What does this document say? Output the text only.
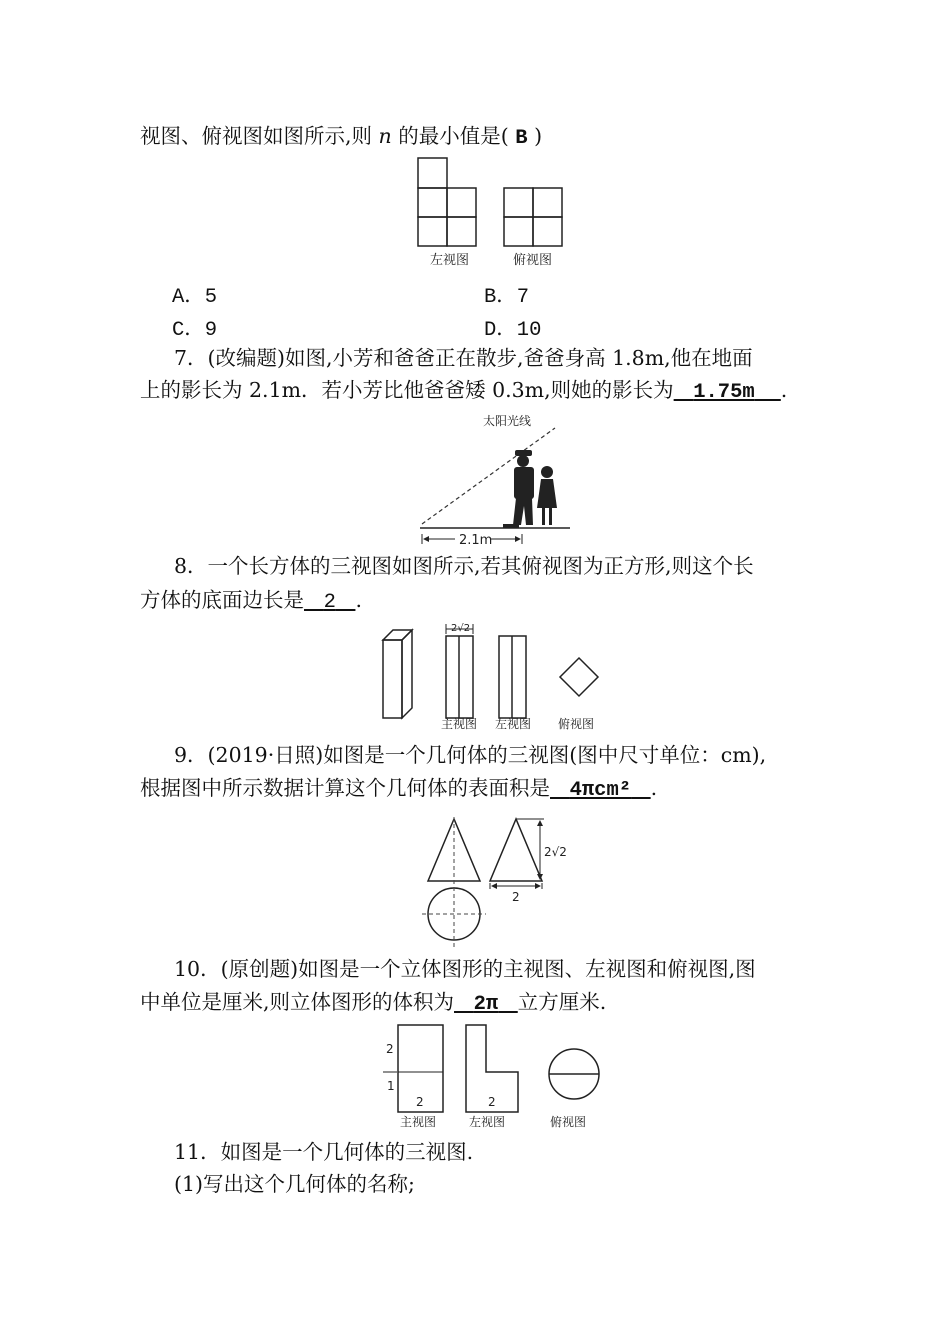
视图、俯视图如图所示,则 n 的最小值是( B )
左视图	俯视图
A．5	B．7
C．9	D．10
7．(改编题)如图,小芳和爸爸正在散步,爸爸身高 1.8m,他在地面
上的影长为 2.1m．若小芳比他爸爸矮 0.3m,则她的影长为 1.75m .
太阳光线
2.1m
8．一个长方体的三视图如图所示,若其俯视图为正方形,则这个长
方体的底面边长是 2 .
2√2
主视图 左视图 俯视图
9．(2019·日照)如图是一个几何体的三视图(图中尺寸单位：cm),
根据图中所示数据计算这个几何体的表面积是 4πcm² .
2√2
2
10．(原创题)如图是一个立体图形的主视图、左视图和俯视图,图
中单位是厘米,则立体图形的体积为 2π 立方厘米.
2
1
2	2
主视图	左视图	俯视图
11．如图是一个几何体的三视图.
(1)写出这个几何体的名称;
